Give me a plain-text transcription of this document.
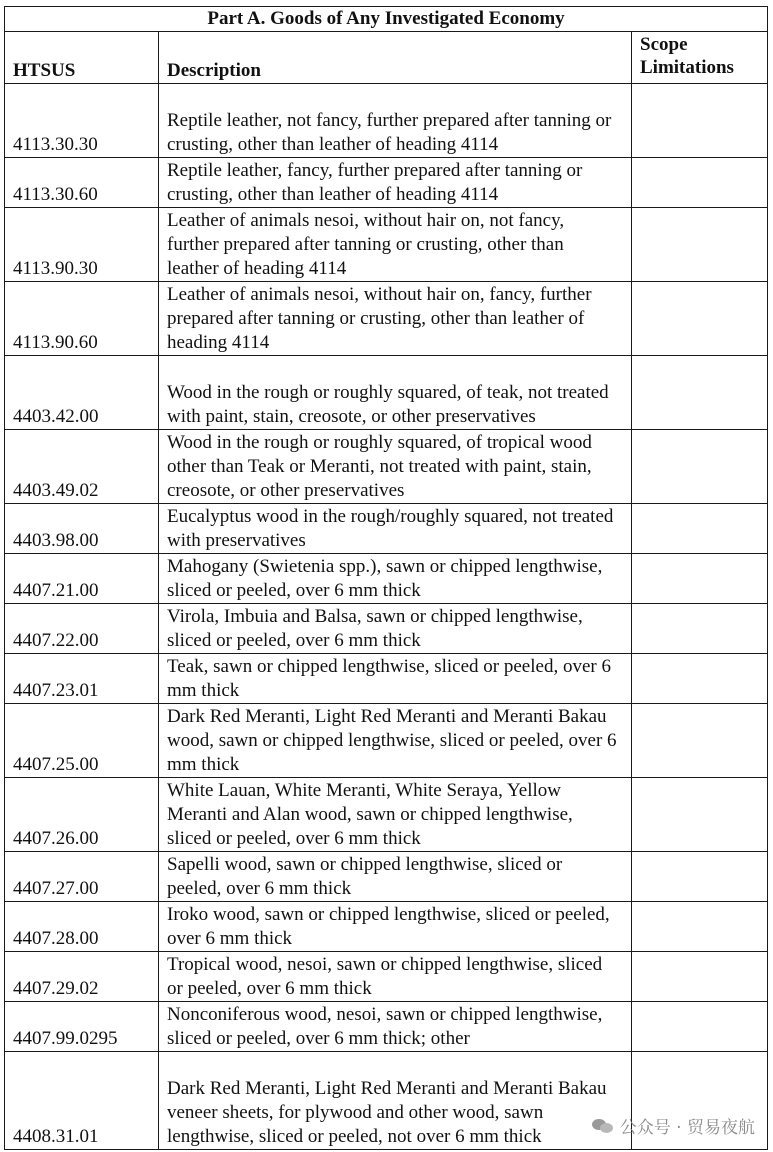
Part A. Goods of Any Investigated Economy		
HTSUS	Description	Scope Limitations
4113.30.30	Reptile leather, not fancy, further prepared after tanning or crusting, other than leather of heading 4114	
4113.30.60	Reptile leather, fancy, further prepared after tanning or crusting, other than leather of heading 4114	
4113.90.30	Leather of animals nesoi, without hair on, not fancy, further prepared after tanning or crusting, other than leather of heading 4114	
4113.90.60	Leather of animals nesoi, without hair on, fancy, further prepared after tanning or crusting, other than leather of heading 4114	
4403.42.00	Wood in the rough or roughly squared, of teak, not treated with paint, stain, creosote, or other preservatives	
4403.49.02	Wood in the rough or roughly squared, of tropical wood other than Teak or Meranti, not treated with paint, stain, creosote, or other preservatives	
4403.98.00	Eucalyptus wood in the rough/roughly squared, not treated with preservatives	
4407.21.00	Mahogany (Swietenia spp.), sawn or chipped lengthwise, sliced or peeled, over 6 mm thick	
4407.22.00	Virola, Imbuia and Balsa, sawn or chipped lengthwise, sliced or peeled, over 6 mm thick	
4407.23.01	Teak, sawn or chipped lengthwise, sliced or peeled, over 6 mm thick	
4407.25.00	Dark Red Meranti, Light Red Meranti and Meranti Bakau wood, sawn or chipped lengthwise, sliced or peeled, over 6 mm thick	
4407.26.00	White Lauan, White Meranti, White Seraya, Yellow Meranti and Alan wood, sawn or chipped lengthwise, sliced or peeled, over 6 mm thick	
4407.27.00	Sapelli wood, sawn or chipped lengthwise, sliced or peeled, over 6 mm thick	
4407.28.00	Iroko wood, sawn or chipped lengthwise, sliced or peeled, over 6 mm thick	
4407.29.02	Tropical wood, nesoi, sawn or chipped lengthwise, sliced or peeled, over 6 mm thick	
4407.99.0295	Nonconiferous wood, nesoi, sawn or chipped lengthwise, sliced or peeled, over 6 mm thick; other	
4408.31.01	Dark Red Meranti, Light Red Meranti and Meranti Bakau veneer sheets, for plywood and other wood, sawn lengthwise, sliced or peeled, not over 6 mm thick		公众号 · 贸易夜航
